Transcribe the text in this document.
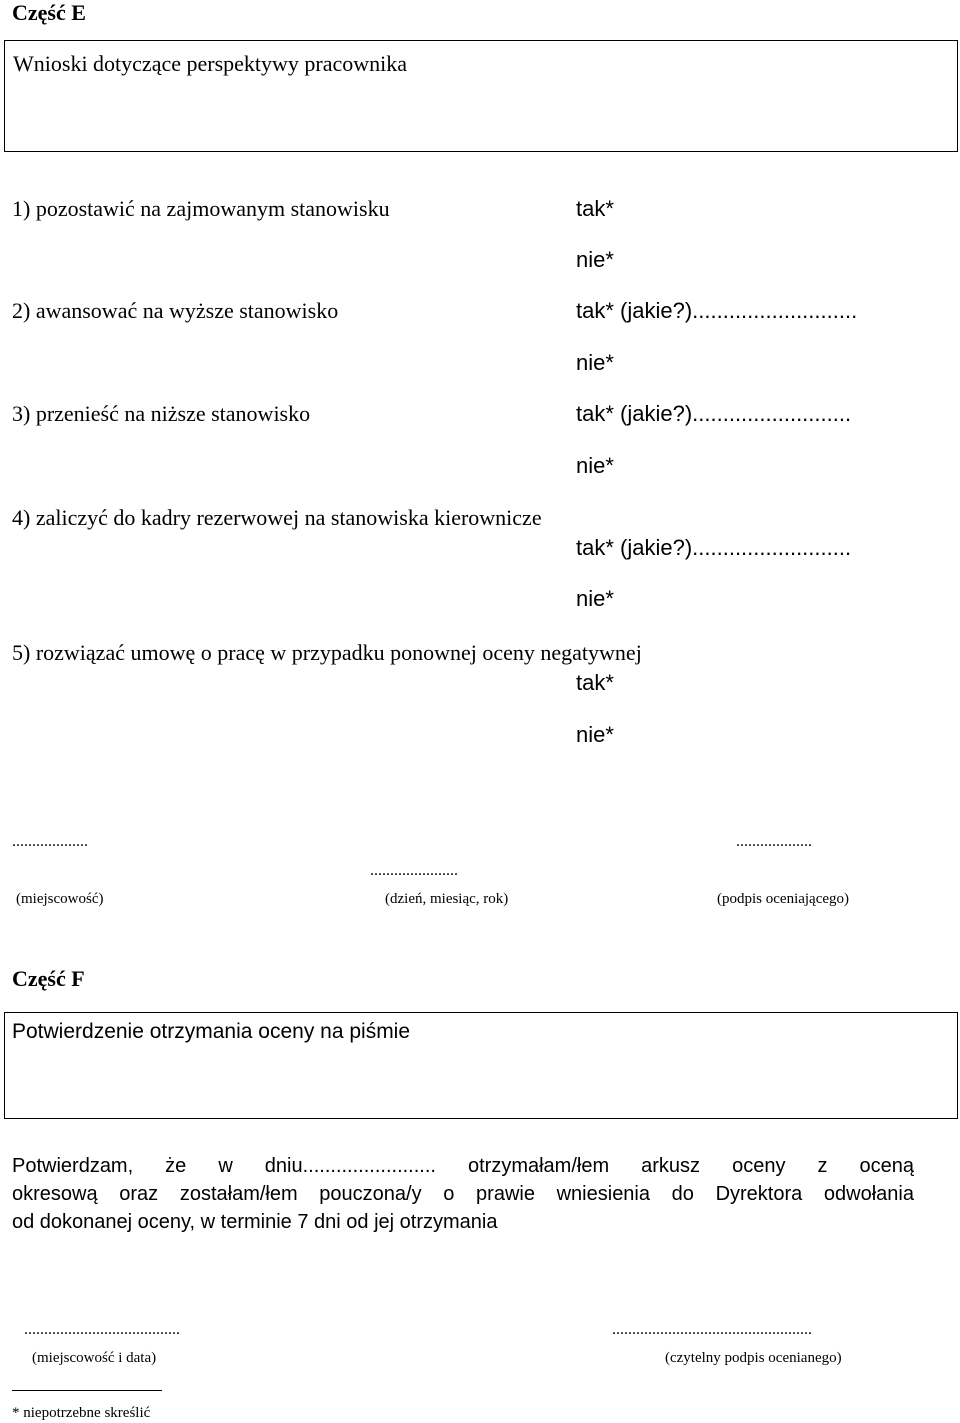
Część E
Wnioski dotyczące perspektywy pracownika
1) pozostawić na zajmowanym stanowisku	tak*
nie*
2) awansować na wyższe stanowisko	tak* (jakie?)...........................
nie*
3) przenieść na niższe stanowisko	tak* (jakie?)..........................
nie*
4) zaliczyć do kadry rezerwowej na stanowiska kierownicze
tak* (jakie?)..........................
nie*
5) rozwiązać umowę o pracę w przypadku ponownej oceny negatywnej
tak*
nie*
...................
......................
...................
(miejscowość)	(dzień, miesiąc, rok)	(podpis oceniającego)
Część F
Potwierdzenie otrzymania oceny na piśmie
Potwierdzam, że w dniu........................ otrzymałam/łem arkusz oceny z oceną
okresową oraz zostałam/łem pouczona/y o prawie wniesienia do Dyrektora odwołania
od dokonanej oceny, w terminie 7 dni od jej otrzymania
.......................................	..................................................
(miejscowość i data)	(czytelny podpis ocenianego)
* niepotrzebne skreślić
